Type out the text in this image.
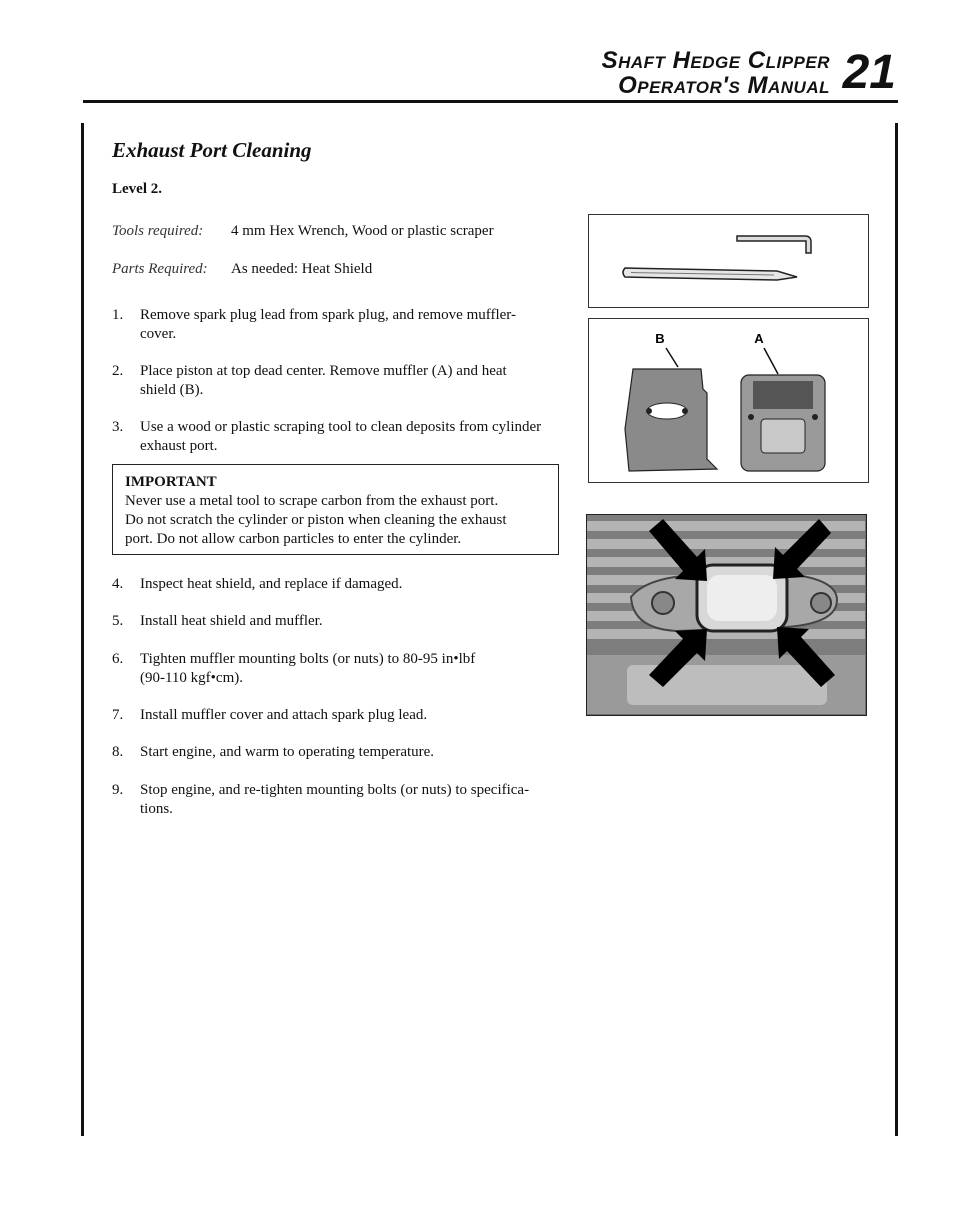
Shaft Hedge Clipper
Operator's Manual 21
Exhaust Port Cleaning
Level 2.
Tools required: 4 mm Hex Wrench, Wood or plastic scraper
Parts Required: As needed: Heat Shield
1. Remove spark plug lead from spark plug, and remove muffler-cover.
2. Place piston at top dead center. Remove muffler (A) and heat shield (B).
3. Use a wood or plastic scraping tool to clean deposits from cylinder exhaust port.
IMPORTANT
Never use a metal tool to scrape carbon from the exhaust port.
Do not scratch the cylinder or piston when cleaning the exhaust
port. Do not allow carbon particles to enter the cylinder.
4. Inspect heat shield, and replace if damaged.
5. Install heat shield and muffler.
6. Tighten muffler mounting bolts (or nuts) to 80-95 in•lbf (90-110 kgf•cm).
7. Install muffler cover and attach spark plug lead.
8. Start engine, and warm to operating temperature.
9. Stop engine, and re-tighten mounting bolts (or nuts) to specifica-tions.
B	A
